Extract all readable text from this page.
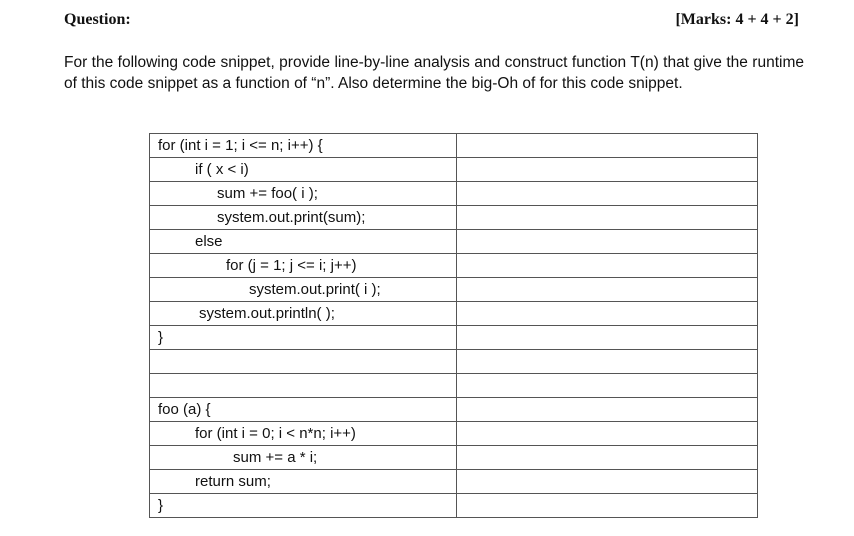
Question:	[Marks: 4 + 4 + 2]
For the following code snippet, provide line-by-line analysis and construct function T(n) that give the runtime of this code snippet as a function of “n”. Also determine the big-Oh of for this code snippet.
for (int i = 1; i <= n; i++) {	
if ( x < i)	
sum += foo( i );	
system.out.print(sum);	
else	
for (j = 1; j <= i; j++)	
system.out.print( i );	
system.out.println( );	
}	

foo (a) {	
for (int i = 0; i < n*n; i++)	
sum += a * i;	
return sum;	
}	
